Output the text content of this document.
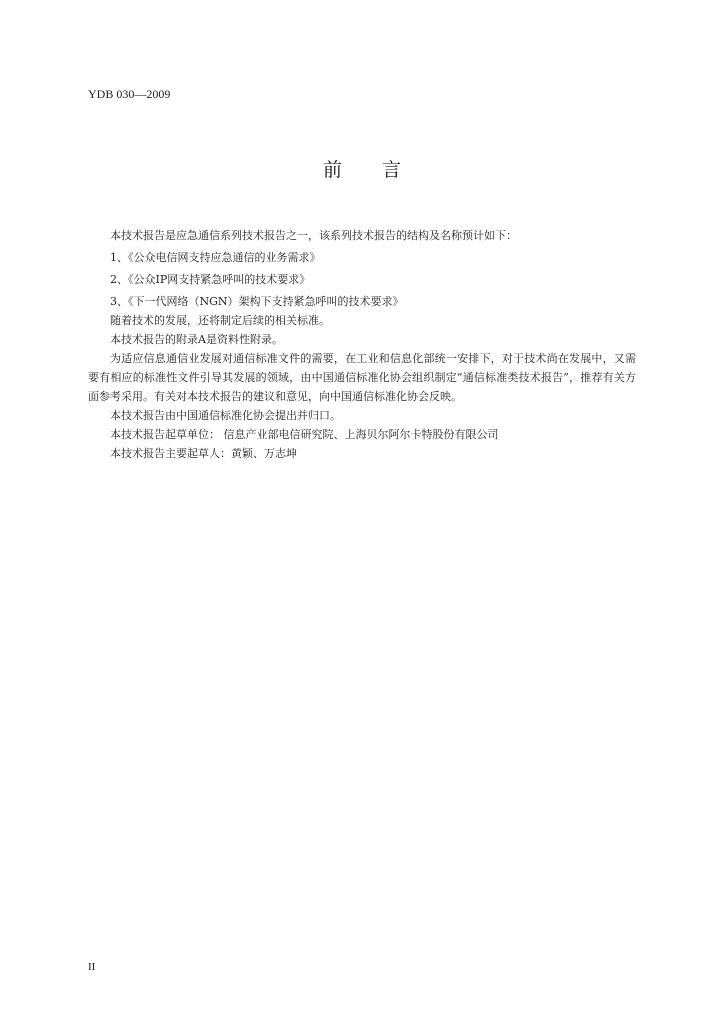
YDB 030—2009
前 言

本技术报告是应急通信系列技术报告之一，该系列技术报告的结构及名称预计如下：

1、《公众电信网支持应急通信的业务需求》

2、《公众IP网支持紧急呼叫的技术要求》

3、《下一代网络（NGN）架构下支持紧急呼叫的技术要求》

随着技术的发展，还将制定后续的相关标准。

本技术报告的附录A是资料性附录。

为适应信息通信业发展对通信标准文件的需要，在工业和信息化部统一安排下，对于技术尚在发展中，又需要有相应的标准性文件引导其发展的领域，由中国通信标准化协会组织制定“通信标准类技术报告”，推荐有关方面参考采用。有关对本技术报告的建议和意见，向中国通信标准化协会反映。

本技术报告由中国通信标准化协会提出并归口。

本技术报告起草单位： 信息产业部电信研究院、上海贝尔阿尔卡特股份有限公司

本技术报告主要起草人：黄颖、万志坤

II
